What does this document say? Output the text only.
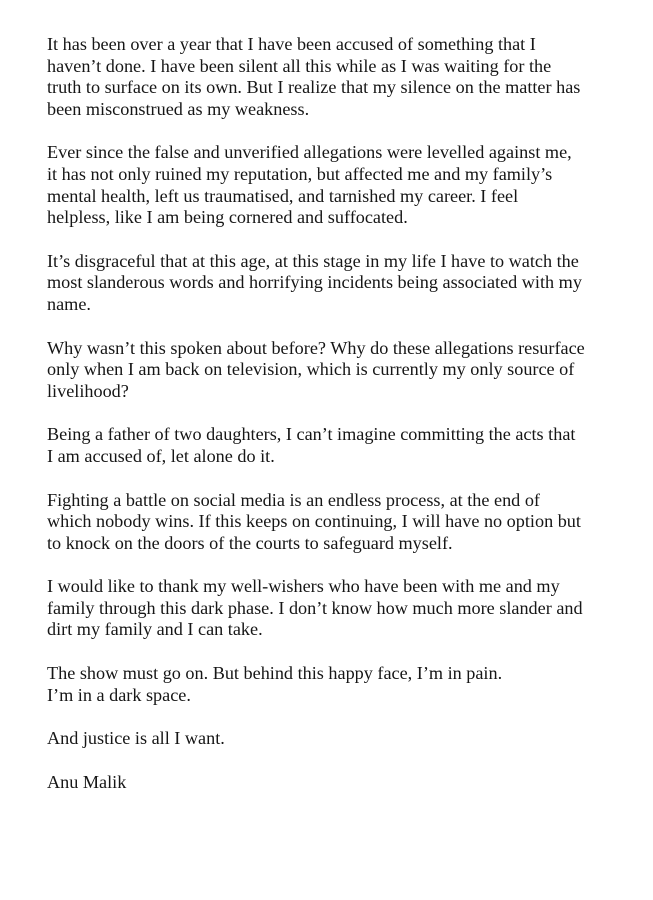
It has been over a year that I have been accused of something that I
haven’t done. I have been silent all this while as I was waiting for the
truth to surface on its own. But I realize that my silence on the matter has
been misconstrued as my weakness.

Ever since the false and unverified allegations were levelled against me,
it has not only ruined my reputation, but affected me and my family’s
mental health, left us traumatised, and tarnished my career. I feel
helpless, like I am being cornered and suffocated.

It’s disgraceful that at this age, at this stage in my life I have to watch the
most slanderous words and horrifying incidents being associated with my
name.

Why wasn’t this spoken about before? Why do these allegations resurface
only when I am back on television, which is currently my only source of
livelihood?

Being a father of two daughters, I can’t imagine committing the acts that
I am accused of, let alone do it.

Fighting a battle on social media is an endless process, at the end of
which nobody wins. If this keeps on continuing, I will have no option but
to knock on the doors of the courts to safeguard myself.

I would like to thank my well-wishers who have been with me and my
family through this dark phase. I don’t know how much more slander and
dirt my family and I can take.

The show must go on. But behind this happy face, I’m in pain.
I’m in a dark space.

And justice is all I want.

Anu Malik
